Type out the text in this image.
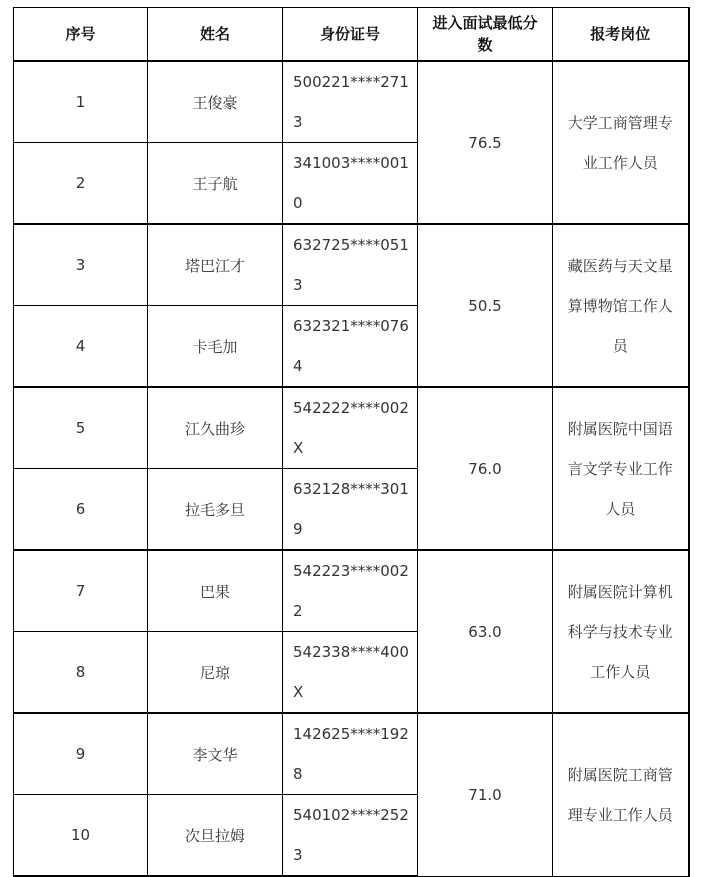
序号	姓名	身份证号	进入面试最低分数	报考岗位
1	王俊豪	500221****2713	76.5	大学工商管理专业工作人员
2	王子航	341003****0010		
3	塔巴江才	632725****0513	50.5	藏医药与天文星算博物馆工作人员
4	卡毛加	632321****0764		
5	江久曲珍	542222****002X	76.0	附属医院中国语言文学专业工作人员
6	拉毛多旦	632128****3019		
7	巴果	542223****0022	63.0	附属医院计算机科学与技术专业工作人员
8	尼琼	542338****400X		
9	李文华	142625****1928	71.0	附属医院工商管理专业工作人员
10	次旦拉姆	540102****2523		
